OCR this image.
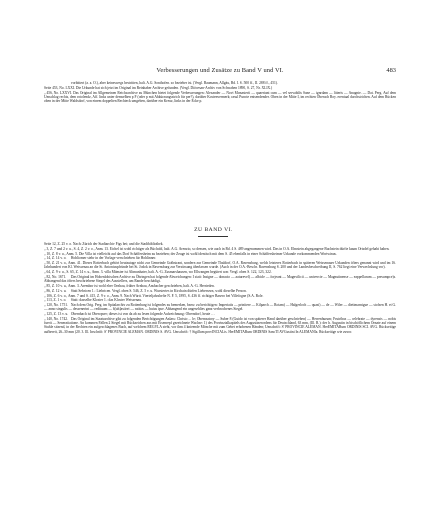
Verbesserungen und Zusätze zu Band V und VI.	483

vorbittert (a. a. O.), aber keineswegs bestritten, halt. A.G. Sonthofen. so bezieher ist. (Vergl. Baumann, Allgäu, Bd. I. S. 500 ff., II. 288 ff., 451).

Seite 453, No. LXXI. Die Urkunde hat sich jetzt im Original im Reinhaber Archive gefunden. (Vergl. Diöcesan-Archiv von Schwaben 1890, S. 27, Nr. XLIX.)

„ 456, No. LXXVI. Das Original im Allgemeinen Reichsarchive zu München bietet folgende Verbesserungen: Alexander — Novi Monasterii — quaeriant cum — vel servabilis Sane — ignrdam — litteris — Anagnie. — Dat. Perg. Auf dem Umschlag rechts, dem rotolendz, Aff. links unter demselben p F (oder p mit Abkürzungsstrich für per?), darüber Kostenvermerk; rasul Puncte entsendender. Oben in der Mitte I, im rechten Oberach Boy. erentual durchstrichen. Auf dem Rücken oben in der Mitte Waldsdorf, von einem doppelten Rechteck umgeben, darüber ein Kreuz, links in der Ecke p.

ZU BAND VI.

Seite 12, Z. 25 v. o. Nach: Zürich der Stadtarchiv Figs bei; und die Stadtbibliothek.

„ 3, Z. 7 und 2 v. u., S. 4, Z. 2 v. o., Anm. 13. Eichel ist wohl richtiger als Büchold, halt. A.G. Arenzio, so densen, wie auch in Bd. 4 S. 489 angenommen wird. Das in O.A. Elmstein abgegangene Buchstein dürfte kaum Ortsdel gehabt haben.

„ 10, Z. 8 v. u., Anm. 5. Die Villa ist vielleicht auf das Dorf Schäffersheim zu beziehen; der Zeuge ist wohl identisch mit dem S. 45 ebenfalls in einer Schäffersheimer Urkunde vorkommenden Wortwinus.

„ 14, Z. 14 v. o. Hohliomer stehr in der Vorlage verschrieben für Hohlinner.

„ 50, Z. 21 v. o., Anm. 41. Dieses Rotterbach gehört heutzutage nicht zur Gemeinde Gräbstrant, sondern zur Gemeinde Thaldorf, O.A. Ravensburg, welch letzteres Rotterbach in späteren Weissenauer Urkunden öfters genannt wird und im 16. Jahrhundert von Kl. Weissenau an die St. Antoniuspfründe bei St. Jodok in Ravensburg zur Versüssung überlassen wurde. (Auch in der O.A.-Beschr. Ravensburg S. 200 und der Landesbeschreibung II, S. 762 liegt eine Verwechslung vor).

„ 64, Z. 9 v. u., S. 65, Z. 14 v. u., Anm. 3. villa Münster ist Altmunhater, halt. A.-G. Zusmarshausen, wo Ellwangen begütert war. Vergl. oben S. 122, 123, 322.

„ 82, No. 1671. Das Original im Hohenlohischen Archive zu Öhringen hat folgende Abweichungen: I statt: Insigne — donacio — aaturevel) — albicle — forjeant — Magnvilicii — univercie — Magnutinense — eappellarum — presumpce)s. Abhangend das öfters beschriebene Siegel des Ausstellers, am Rande beschädigt.

„ 85, Z. 10 v. u., Anm. 3. Arembor ist wohl eher Ornbau, früher Arnbau, Ansbacher geschrieben, halt. A.-G. Herrieden.

„ 86, Z. 12 v. u. Statt Sebricen 1.: Liebricen. Vergl. oben S. 546, Z. 5 v. u. Wurstertes in Kirchain dürfen Liebersezn, wohl dieselbe Person.

„ 106, Z. 6 v. o., Anm. 7 und S. 415, Z. 9 v. o., Anm. 9. Nach Württ. Vierteljahrshefte N. F. 5, 1895, S. 436 ff. richtiger Basero bei Villefogne (S.A. Bole.

„ 113, Z. 1 v. o. Statt: dasselbe Kloster 1.: das Kloster Weissenau.

„ 120, No. 1751. Nach dem Orig. Perg. im Spitalarchiv zu Rottenburg ist folgendes zu bemerken, bezw. zu berichtigen: Imperiatis — prinitere — Kilparch — Rotam) — Halgerloch — quasi) — de — Wiler — dietimarnigue — stofsen H. et G. — anno singulis — dessenerint — redituum — b[uh]astirei — ratitos — buius ipse. Abhangend ein ungesehlies ganz verbrochenes Siegel.

„ 125, Z. 13 v. u. Obernbach ist Oberopser; dieses ist von da ab zu lesen folgende Aufzeichnung: Oberndorf, heute …

„ 140, No. 1742. Das Original im Staatsarchive gibt zu folgenden Berichtigungen Anlass: Christo ... le; Obernsatory — Suber 8 (Guido ist von späterer Hand darüber geschrieben) — Herrenhurum; Frutribus — celebrate — dyrensis — nobis fuerit — Seneratiatione. An kommen Fällen 2 Siegel mit Rückzeichen aus mit Eisenrepf gezeichnete Wachse: 1) des Provinzialkapitels des Augustinerordens für Deutschland, 63 mm, (Ill. R.): der h. Augustin in bischöflichem Ornate auf einem Stuhle sitzend, in der Rechten ein aufgeschlagenes Buch, auf welchem REGVLA steht, vor ihm 4 knieende Mönche mit zum Gebet erhobenen Händen; Umschrift: S' PROVINCIE ALEMAN. HerEMITARum ORDINIS SCI. AVG. Rückseitige aufbereit, 26–30 mm (20. 3. Ill. Inschrift: S' PROVINCIE ALEMAN. ORDINIS S. AVG. Umschrift: † Sigillum provINCIALis. HerEMITARum ORDINIS SancTI AVGustini In ALEMANIa. Rückseitige wie zuvor.
